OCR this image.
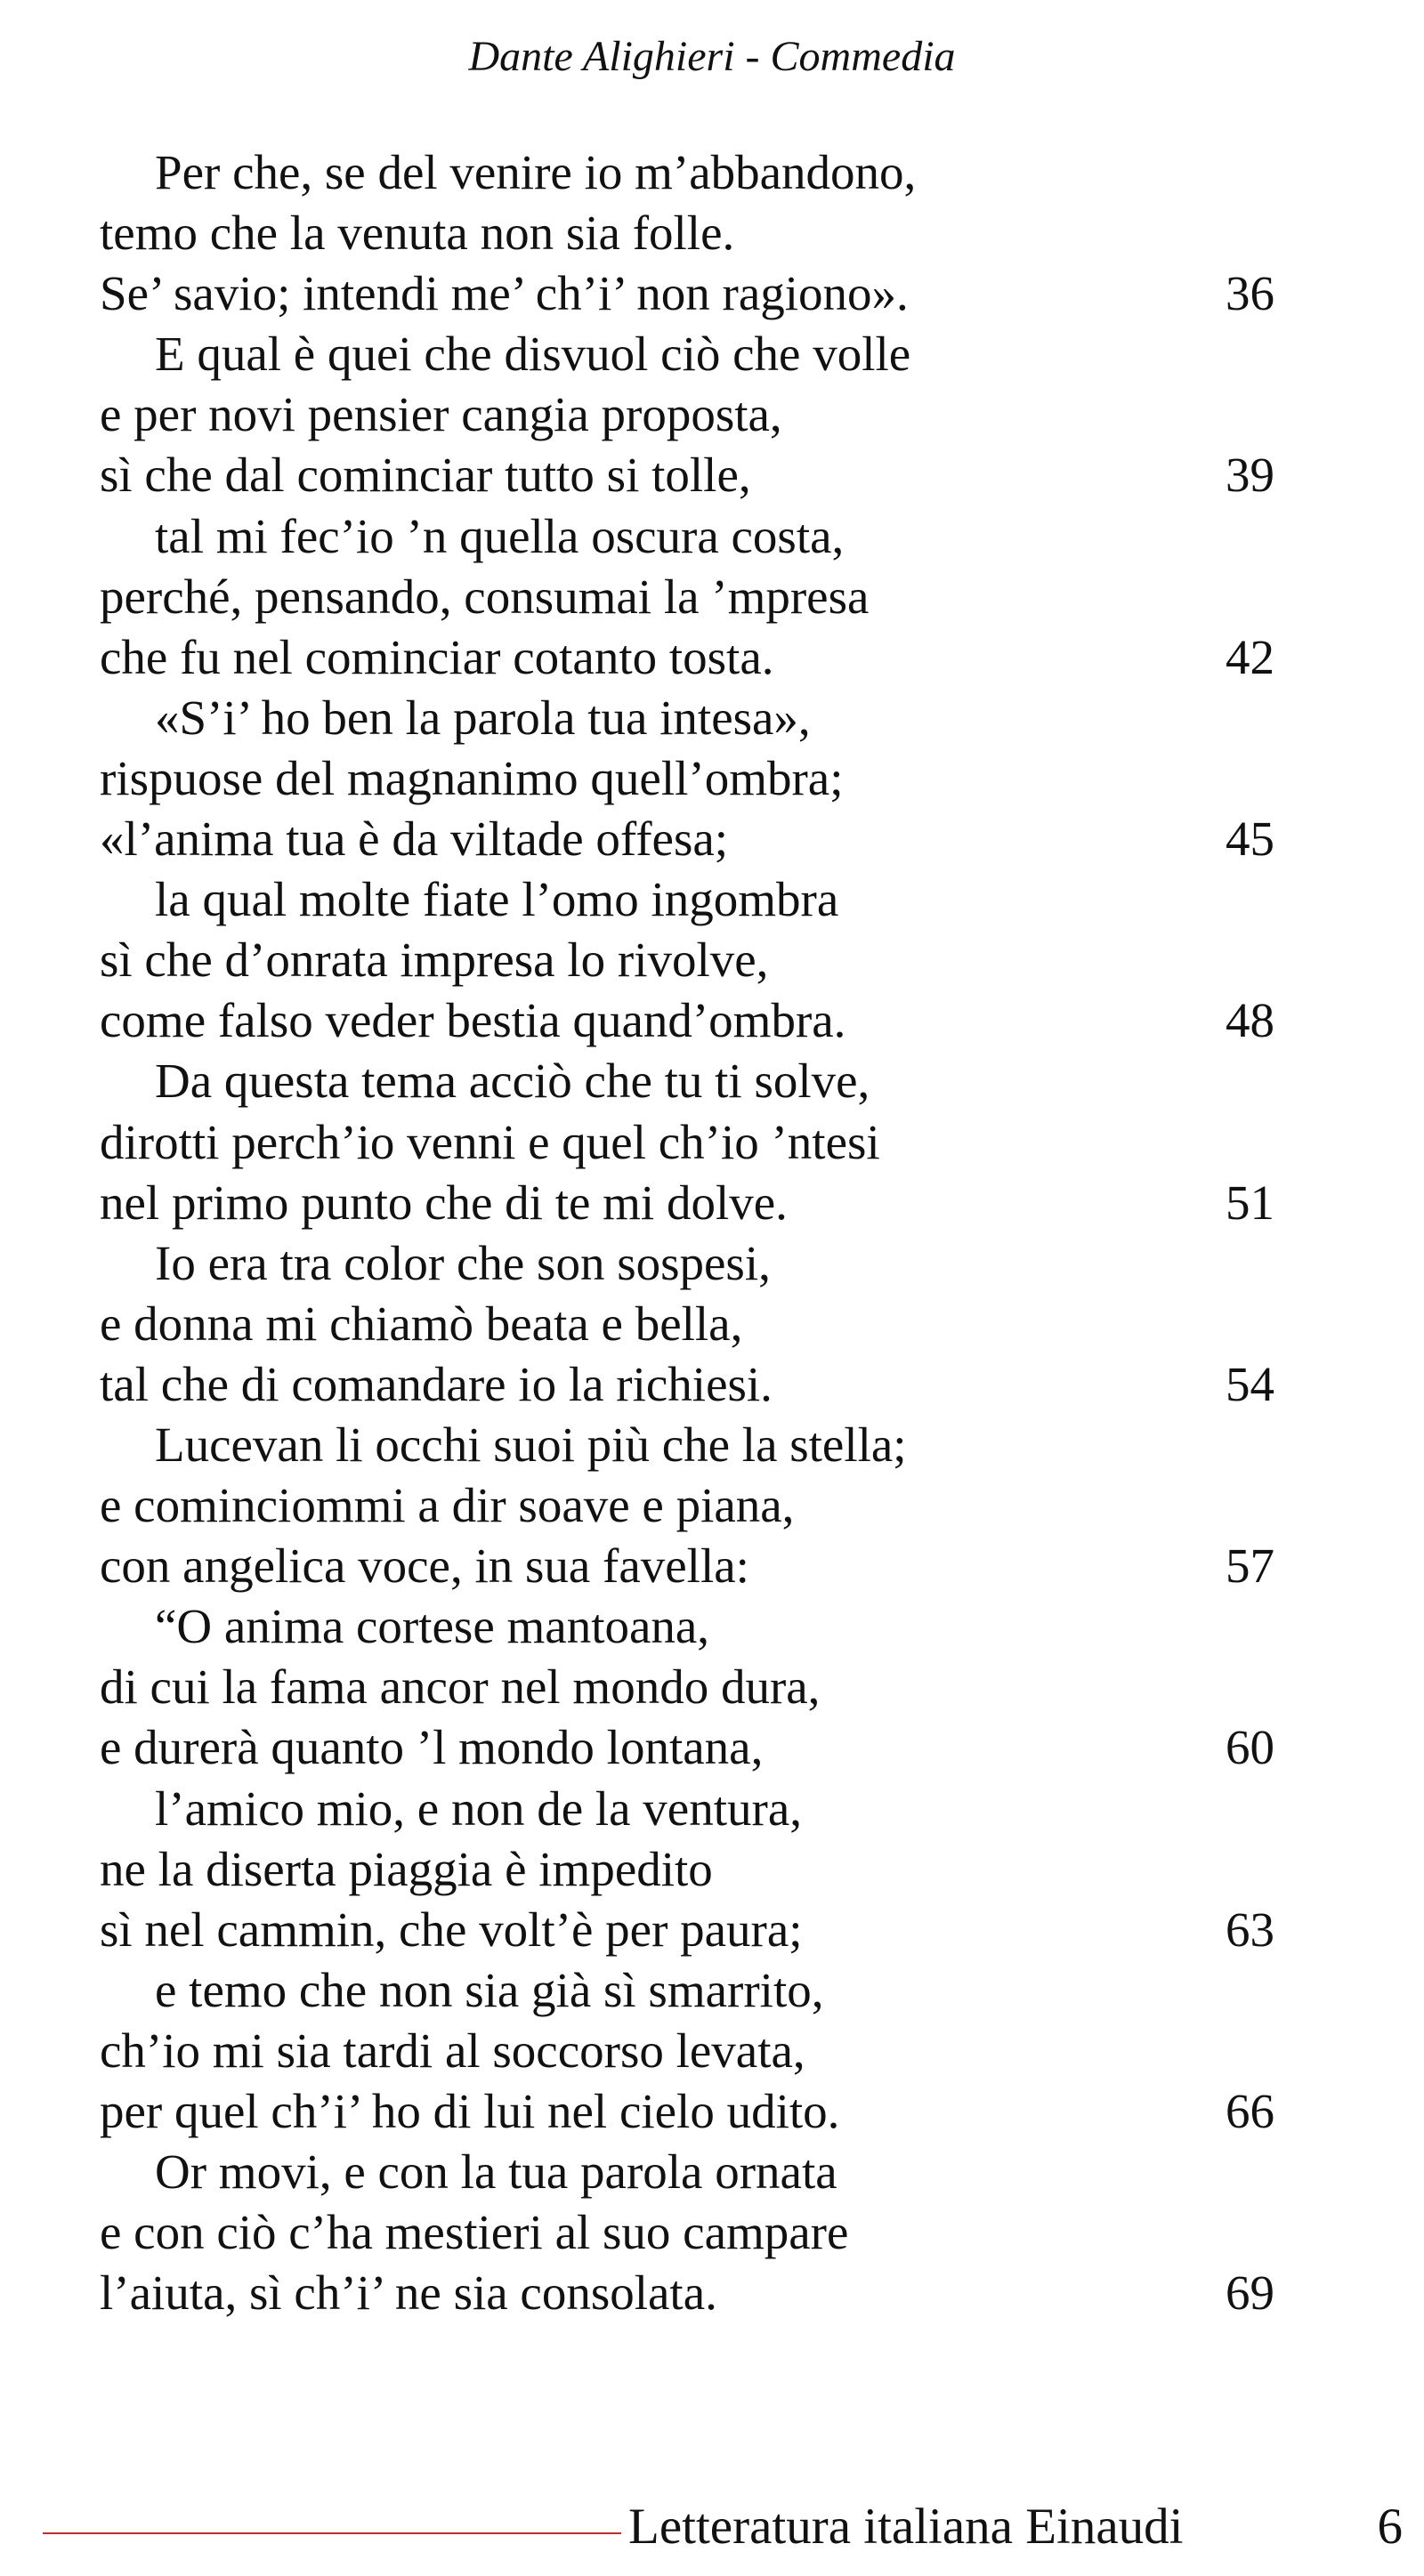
Dante Alighieri - Commedia
Per che, se del venire io m’abbandono,
temo che la venuta non sia folle.
Se’ savio; intendi me’ ch’i’ non ragiono».	36
E qual è quei che disvuol ciò che volle
e per novi pensier cangia proposta,
sì che dal cominciar tutto si tolle,	39
tal mi fec’io ’n quella oscura costa,
perché, pensando, consumai la ’mpresa
che fu nel cominciar cotanto tosta.	42
«S’i’ ho ben la parola tua intesa»,
rispuose del magnanimo quell’ombra;
«l’anima tua è da viltade offesa;	45
la qual molte fiate l’omo ingombra
sì che d’onrata impresa lo rivolve,
come falso veder bestia quand’ombra.	48
Da questa tema acciò che tu ti solve,
dirotti perch’io venni e quel ch’io ’ntesi
nel primo punto che di te mi dolve.	51
Io era tra color che son sospesi,
e donna mi chiamò beata e bella,
tal che di comandare io la richiesi.	54
Lucevan li occhi suoi più che la stella;
e cominciommi a dir soave e piana,
con angelica voce, in sua favella:	57
“O anima cortese mantoana,
di cui la fama ancor nel mondo dura,
e durerà quanto ’l mondo lontana,	60
l’amico mio, e non de la ventura,
ne la diserta piaggia è impedito
sì nel cammin, che volt’è per paura;	63
e temo che non sia già sì smarrito,
ch’io mi sia tardi al soccorso levata,
per quel ch’i’ ho di lui nel cielo udito.	66
Or movi, e con la tua parola ornata
e con ciò c’ha mestieri al suo campare
l’aiuta, sì ch’i’ ne sia consolata.	69
Letteratura italiana Einaudi	6
